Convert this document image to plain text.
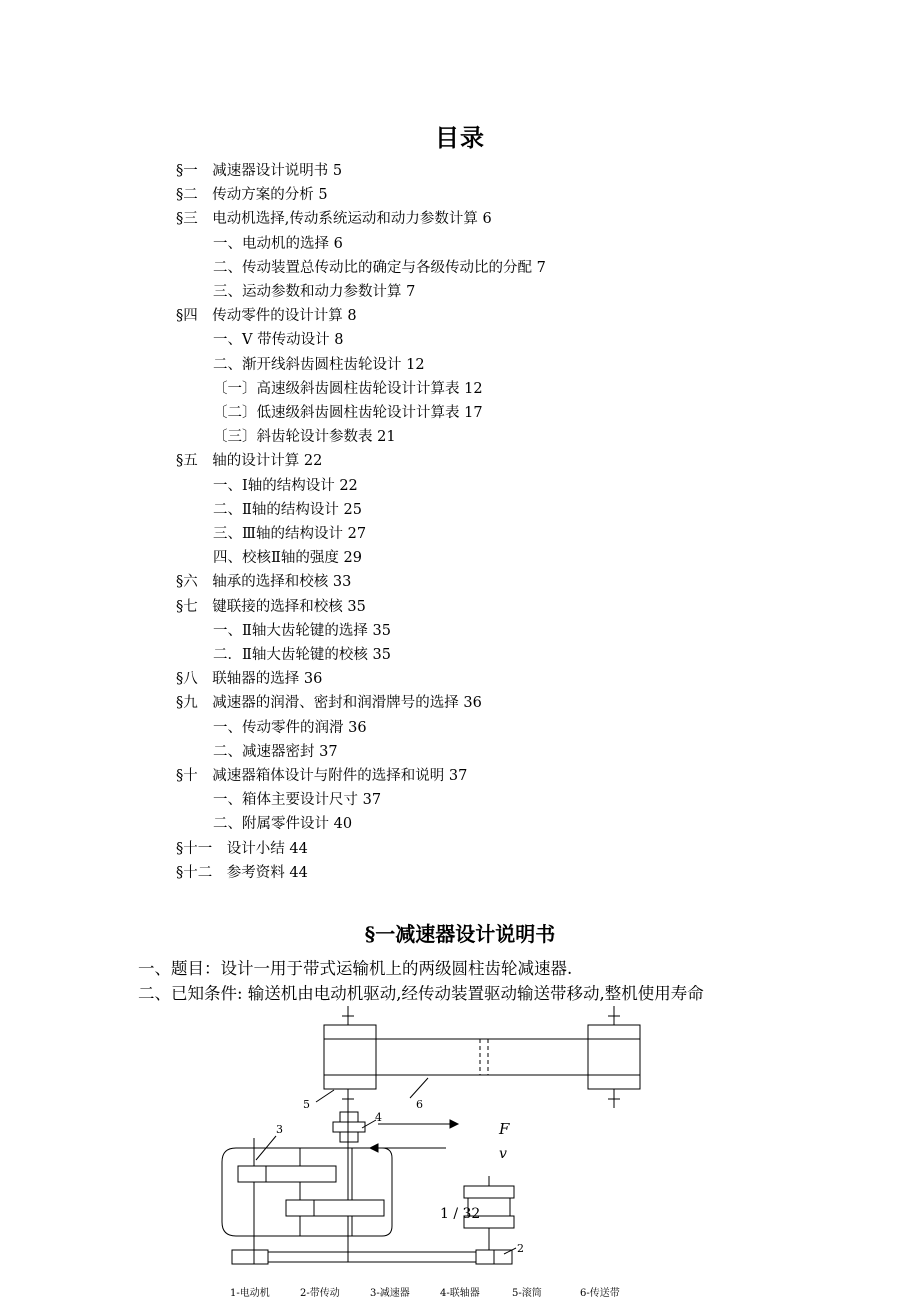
目录
§一　减速器设计说明书 5
§二　传动方案的分析 5
§三　电动机选择,传动系统运动和动力参数计算 6
一、电动机的选择 6
二、传动装置总传动比的确定与各级传动比的分配 7
三、运动参数和动力参数计算 7
§四　传动零件的设计计算 8
一、V 带传动设计 8
二、渐开线斜齿圆柱齿轮设计 12
〔一〕高速级斜齿圆柱齿轮设计计算表 12
〔二〕低速级斜齿圆柱齿轮设计计算表 17
〔三〕斜齿轮设计参数表 21
§五　轴的设计计算 22
一、Ⅰ轴的结构设计 22
二、Ⅱ轴的结构设计 25
三、Ⅲ轴的结构设计 27
四、校核Ⅱ轴的强度 29
§六　轴承的选择和校核 33
§七　键联接的选择和校核 35
一、Ⅱ轴大齿轮键的选择 35
二．Ⅱ轴大齿轮键的校核 35
§八　联轴器的选择 36
§九　减速器的润滑、密封和润滑牌号的选择 36
一、传动零件的润滑 36
二、减速器密封 37
§十　减速器箱体设计与附件的选择和说明 37
一、箱体主要设计尺寸 37
二、附属零件设计 40
§十一　设计小结 44
§十二　参考资料 44
§一减速器设计说明书
一、题目：设计一用于带式运输机上的两级圆柱齿轮减速器.
二、已知条件: 输送机由电动机驱动,经传动装置驱动输送带移动,整机使用寿命
5	6
4
3
2
F
v
1 / 32
1-电动机	2-带传动	3-减速器	4-联轴器	5-滚筒	6-传送带
